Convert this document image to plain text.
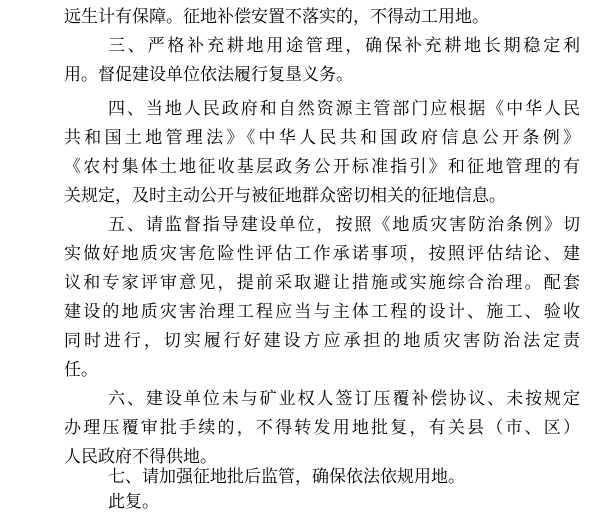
远生计有保障。征地补偿安置不落实的，不得动工用地。
三、严格补充耕地用途管理，确保补充耕地长期稳定利
用。督促建设单位依法履行复垦义务。
四、当地人民政府和自然资源主管部门应根据《中华人民
共和国土地管理法》《中华人民共和国政府信息公开条例》
《农村集体土地征收基层政务公开标准指引》和征地管理的有
关规定，及时主动公开与被征地群众密切相关的征地信息。
五、请监督指导建设单位，按照《地质灾害防治条例》切
实做好地质灾害危险性评估工作承诺事项，按照评估结论、建
议和专家评审意见，提前采取避让措施或实施综合治理。配套
建设的地质灾害治理工程应当与主体工程的设计、施工、验收
同时进行，切实履行好建设方应承担的地质灾害防治法定责
任。
六、建设单位未与矿业权人签订压覆补偿协议、未按规定
办理压覆审批手续的，不得转发用地批复，有关县（市、区）
人民政府不得供地。
七、请加强征地批后监管，确保依法依规用地。
此复。
